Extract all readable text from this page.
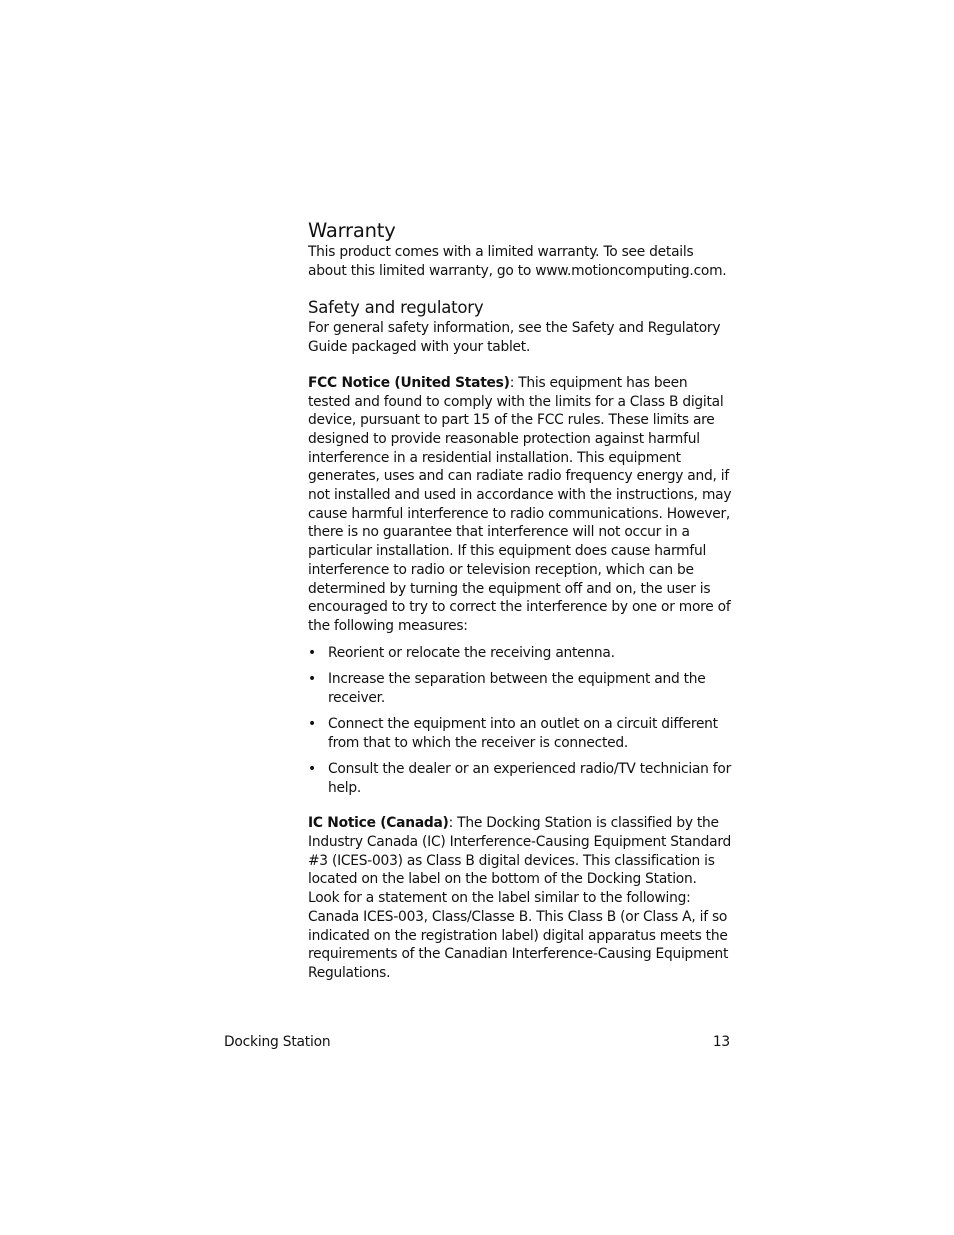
Warranty

This product comes with a limited warranty. To see details about this limited warranty, go to www.motioncomputing.com.

Safety and regulatory

For general safety information, see the Safety and Regulatory Guide packaged with your tablet.

FCC Notice (United States): This equipment has been tested and found to comply with the limits for a Class B digital device, pursuant to part 15 of the FCC rules. These limits are designed to provide reasonable protection against harmful interference in a residential installation. This equipment generates, uses and can radiate radio frequency energy and, if not installed and used in accordance with the instructions, may cause harmful interference to radio communications. However, there is no guarantee that interference will not occur in a particular installation. If this equipment does cause harmful interference to radio or television reception, which can be determined by turning the equipment off and on, the user is encouraged to try to correct the interference by one or more of the following measures:

• Reorient or relocate the receiving antenna.
• Increase the separation between the equipment and the receiver.
• Connect the equipment into an outlet on a circuit different from that to which the receiver is connected.
• Consult the dealer or an experienced radio/TV technician for help.

IC Notice (Canada): The Docking Station is classified by the Industry Canada (IC) Interference-Causing Equipment Standard #3 (ICES-003) as Class B digital devices. This classification is located on the label on the bottom of the Docking Station. Look for a statement on the label similar to the following: Canada ICES-003, Class/Classe B. This Class B (or Class A, if so indicated on the registration label) digital apparatus meets the requirements of the Canadian Interference-Causing Equipment Regulations.

Docking Station	13
